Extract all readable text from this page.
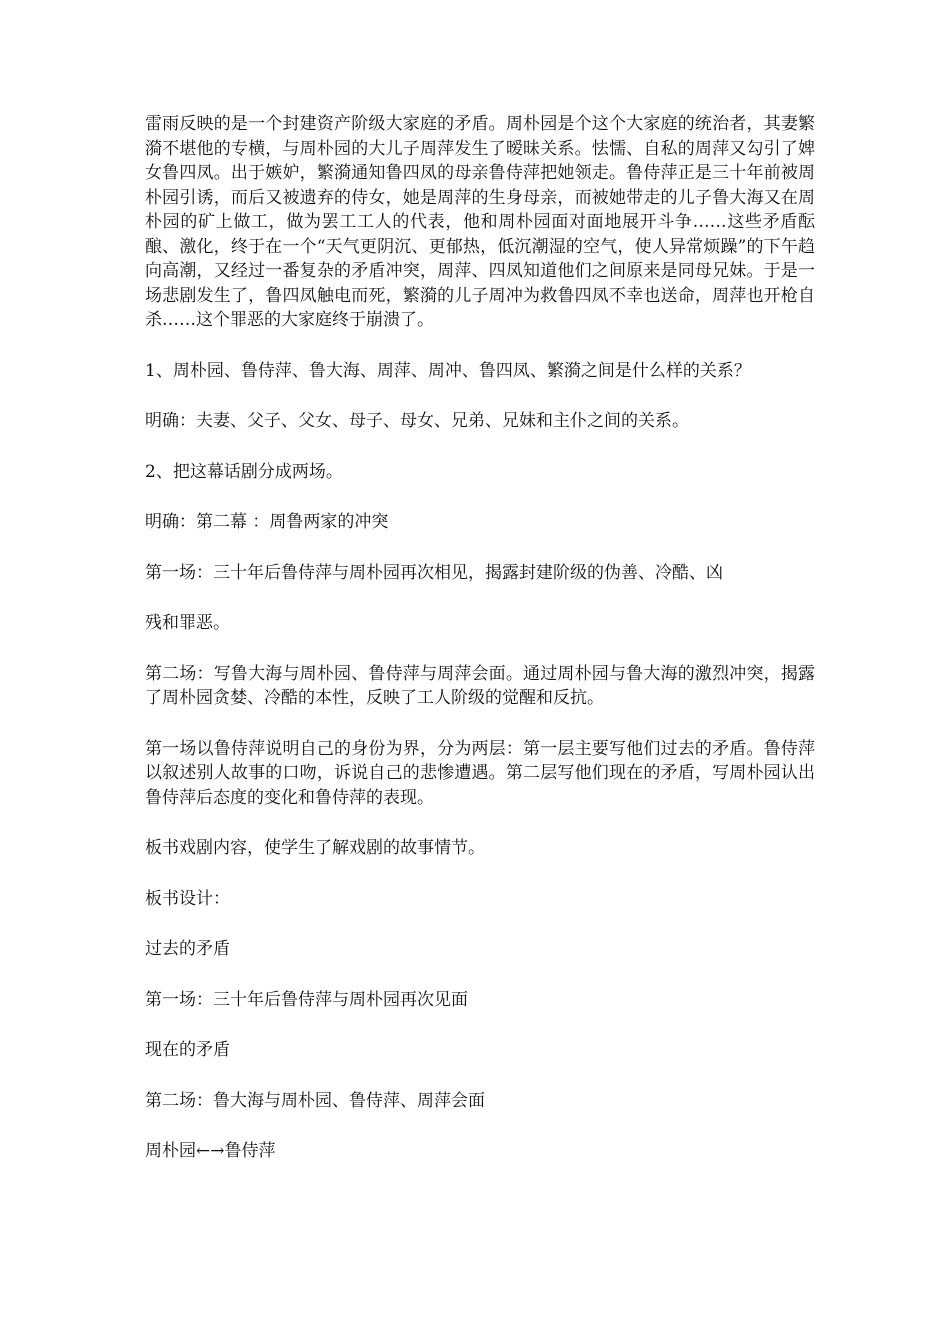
雷雨反映的是一个封建资产阶级大家庭的矛盾。周朴园是个这个大家庭的统治者，其妻繁漪不堪他的专横，与周朴园的大儿子周萍发生了暧昧关系。怯懦、自私的周萍又勾引了婢女鲁四凤。出于嫉妒，繁漪通知鲁四凤的母亲鲁侍萍把她领走。鲁侍萍正是三十年前被周朴园引诱，而后又被遗弃的侍女，她是周萍的生身母亲，而被她带走的儿子鲁大海又在周朴园的矿上做工，做为罢工工人的代表，他和周朴园面对面地展开斗争……这些矛盾酝酿、激化，终于在一个“天气更阴沉、更郁热，低沉潮湿的空气，使人异常烦躁”的下午趋向高潮，又经过一番复杂的矛盾冲突，周萍、四凤知道他们之间原来是同母兄妹。于是一场悲剧发生了，鲁四凤触电而死，繁漪的儿子周冲为救鲁四凤不幸也送命，周萍也开枪自杀……这个罪恶的大家庭终于崩溃了。

1、周朴园、鲁侍萍、鲁大海、周萍、周冲、鲁四凤、繁漪之间是什么样的关系？

明确：夫妻、父子、父女、母子、母女、兄弟、兄妹和主仆之间的关系。

2、把这幕话剧分成两场。

明确：第二幕 ：周鲁两家的冲突

第一场：三十年后鲁侍萍与周朴园再次相见，揭露封建阶级的伪善、冷酷、凶

残和罪恶。

第二场：写鲁大海与周朴园、鲁侍萍与周萍会面。通过周朴园与鲁大海的激烈冲突，揭露了周朴园贪婪、冷酷的本性，反映了工人阶级的觉醒和反抗。

第一场以鲁侍萍说明自己的身份为界，分为两层：第一层主要写他们过去的矛盾。鲁侍萍以叙述别人故事的口吻，诉说自己的悲惨遭遇。第二层写他们现在的矛盾，写周朴园认出鲁侍萍后态度的变化和鲁侍萍的表现。

板书戏剧内容，使学生了解戏剧的故事情节。

板书设计：

过去的矛盾

第一场：三十年后鲁侍萍与周朴园再次见面

现在的矛盾

第二场：鲁大海与周朴园、鲁侍萍、周萍会面

周朴园←→鲁侍萍
